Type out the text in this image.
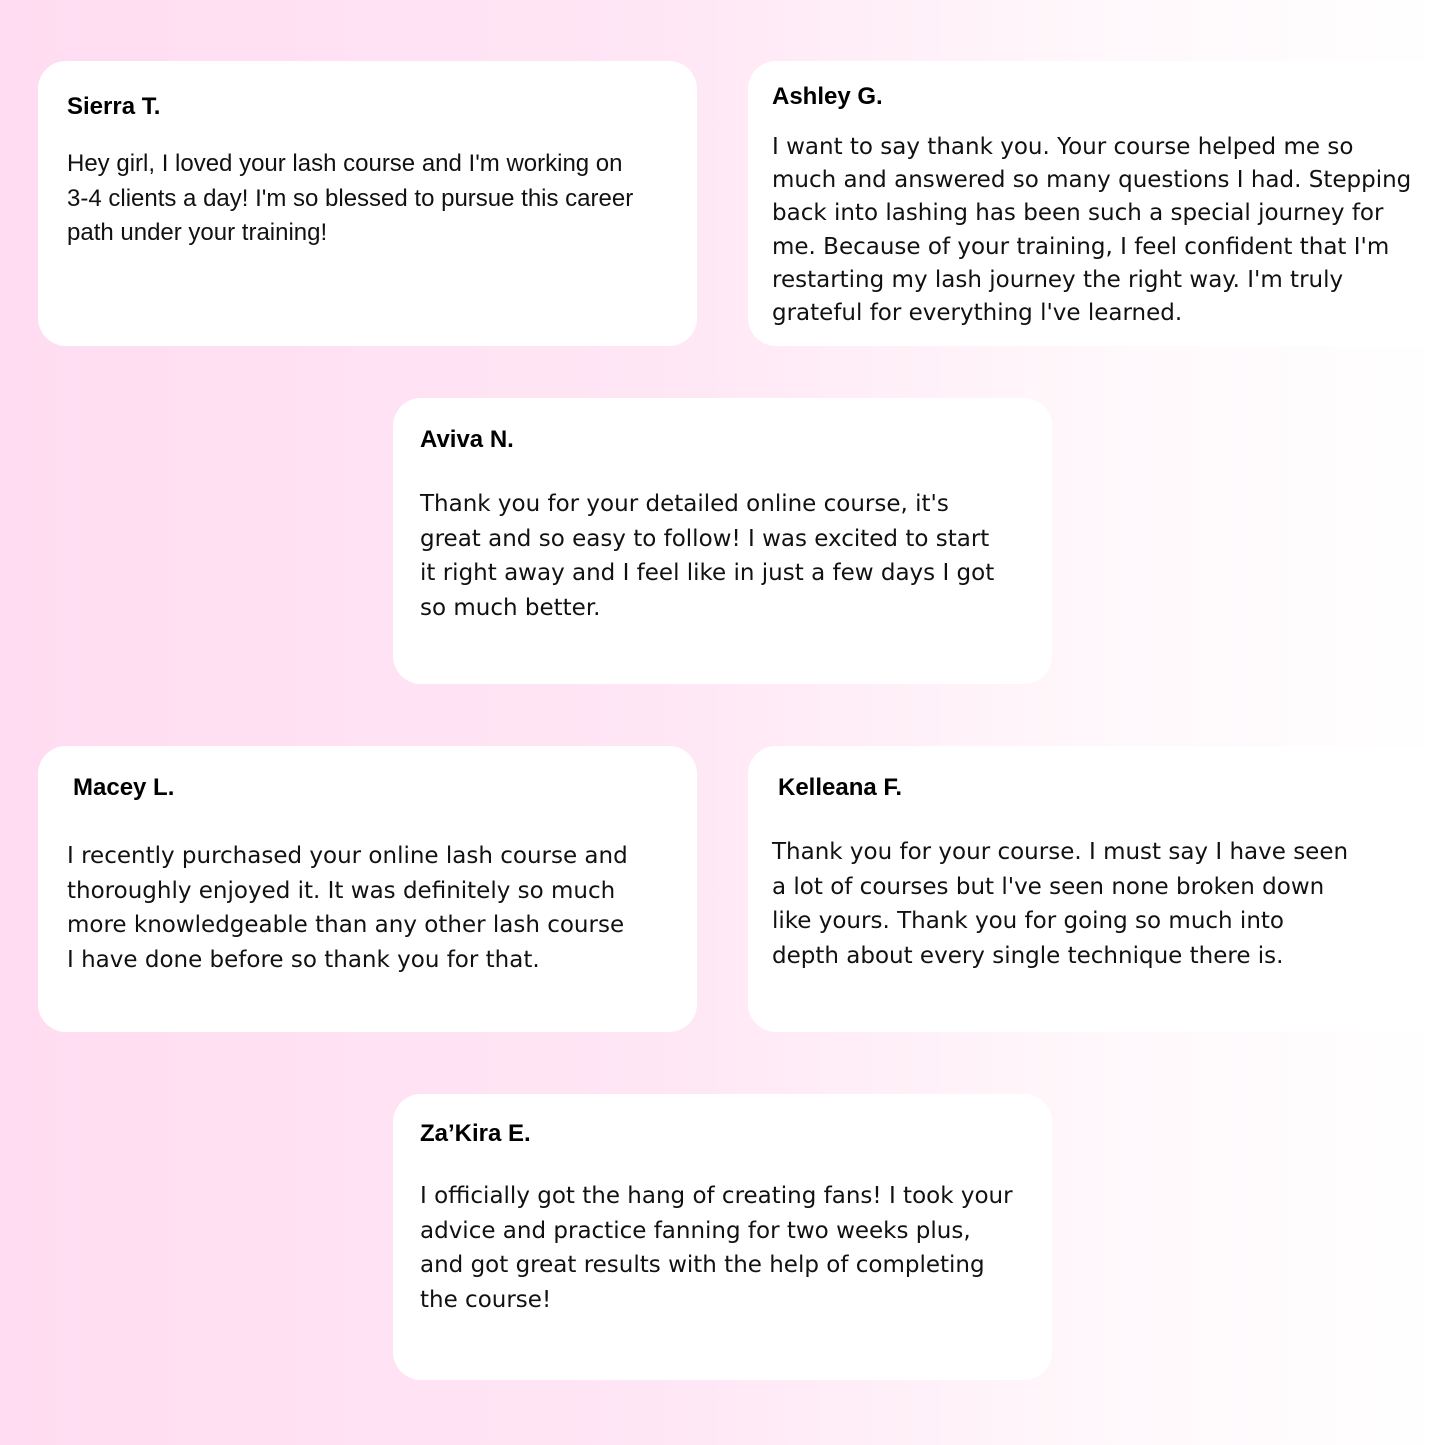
Sierra T.
Hey girl, I loved your lash course and I'm working on
3-4 clients a day! I'm so blessed to pursue this career
path under your training!
Ashley G.
I want to say thank you. Your course helped me so
much and answered so many questions I had. Stepping
back into lashing has been such a special journey for
me. Because of your training, I feel confident that I'm
restarting my lash journey the right way. I'm truly
grateful for everything l've learned.
Aviva N.
Thank you for your detailed online course, it's
great and so easy to follow! I was excited to start
it right away and I feel like in just a few days I got
so much better.
Macey L.
I recently purchased your online lash course and
thoroughly enjoyed it. It was definitely so much
more knowledgeable than any other lash course
I have done before so thank you for that.
Kelleana F.
Thank you for your course. I must say I have seen
a lot of courses but l've seen none broken down
like yours. Thank you for going so much into
depth about every single technique there is.
Za’Kira E.
I officially got the hang of creating fans! I took your
advice and practice fanning for two weeks plus,
and got great results with the help of completing
the course!
